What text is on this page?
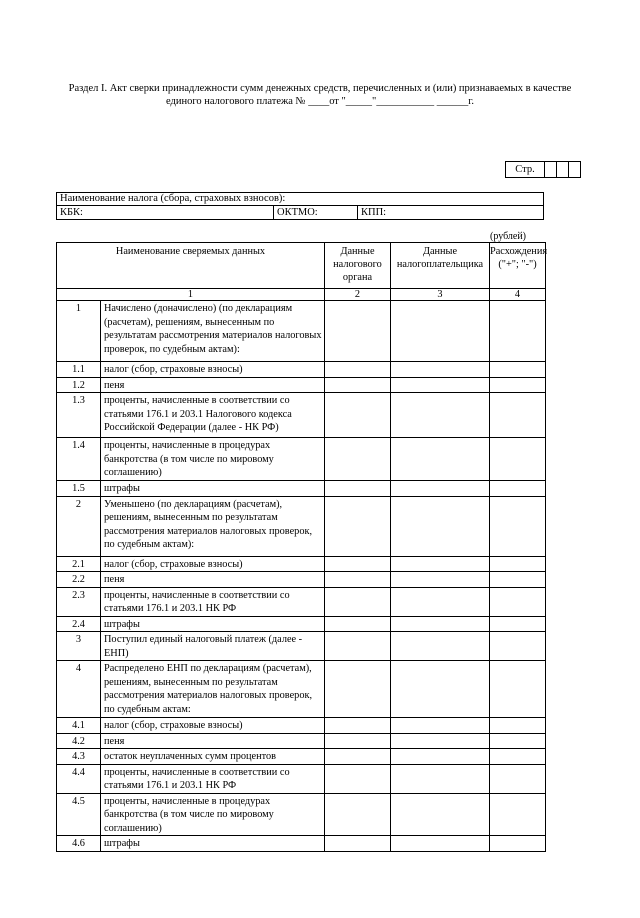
Раздел I. Акт сверки принадлежности сумм денежных средств, перечисленных и (или) признаваемых в качестве
единого налогового платежа № ____от "_____"___________ ______г.
Стр.
Наименование налога (сбора, страховых взносов):
КБК:	ОКТМО:	КПП:
(рублей)
Наименование сверяемых данных		Данные налогового органа	Данные налогоплательщика	Расхождения ("+"; "-")
1		2	3	4
1	Начислено (доначислено) (по декларациям (расчетам), решениям, вынесенным по результатам рассмотрения материалов налоговых проверок, по судебным актам):			
1.1	налог (сбор, страховые взносы)			
1.2	пеня			
1.3	проценты, начисленные в соответствии со статьями 176.1 и 203.1 Налогового кодекса Российской Федерации (далее - НК РФ)			
1.4	проценты, начисленные в процедурах банкротства (в том числе по мировому соглашению)			
1.5	штрафы			
2	Уменьшено (по декларациям (расчетам), решениям, вынесенным по результатам рассмотрения материалов налоговых проверок, по судебным актам):			
2.1	налог (сбор, страховые взносы)			
2.2	пеня			
2.3	проценты, начисленные в соответствии со статьями 176.1 и 203.1 НК РФ			
2.4	штрафы			
3	Поступил единый налоговый платеж (далее - ЕНП)			
4	Распределено ЕНП по декларациям (расчетам), решениям, вынесенным по результатам рассмотрения материалов налоговых проверок, по судебным актам:			
4.1	налог (сбор, страховые взносы)			
4.2	пеня			
4.3	остаток неуплаченных сумм процентов			
4.4	проценты, начисленные в соответствии со статьями 176.1 и 203.1 НК РФ			
4.5	проценты, начисленные в процедурах банкротства (в том числе по мировому соглашению)			
4.6	штрафы			
